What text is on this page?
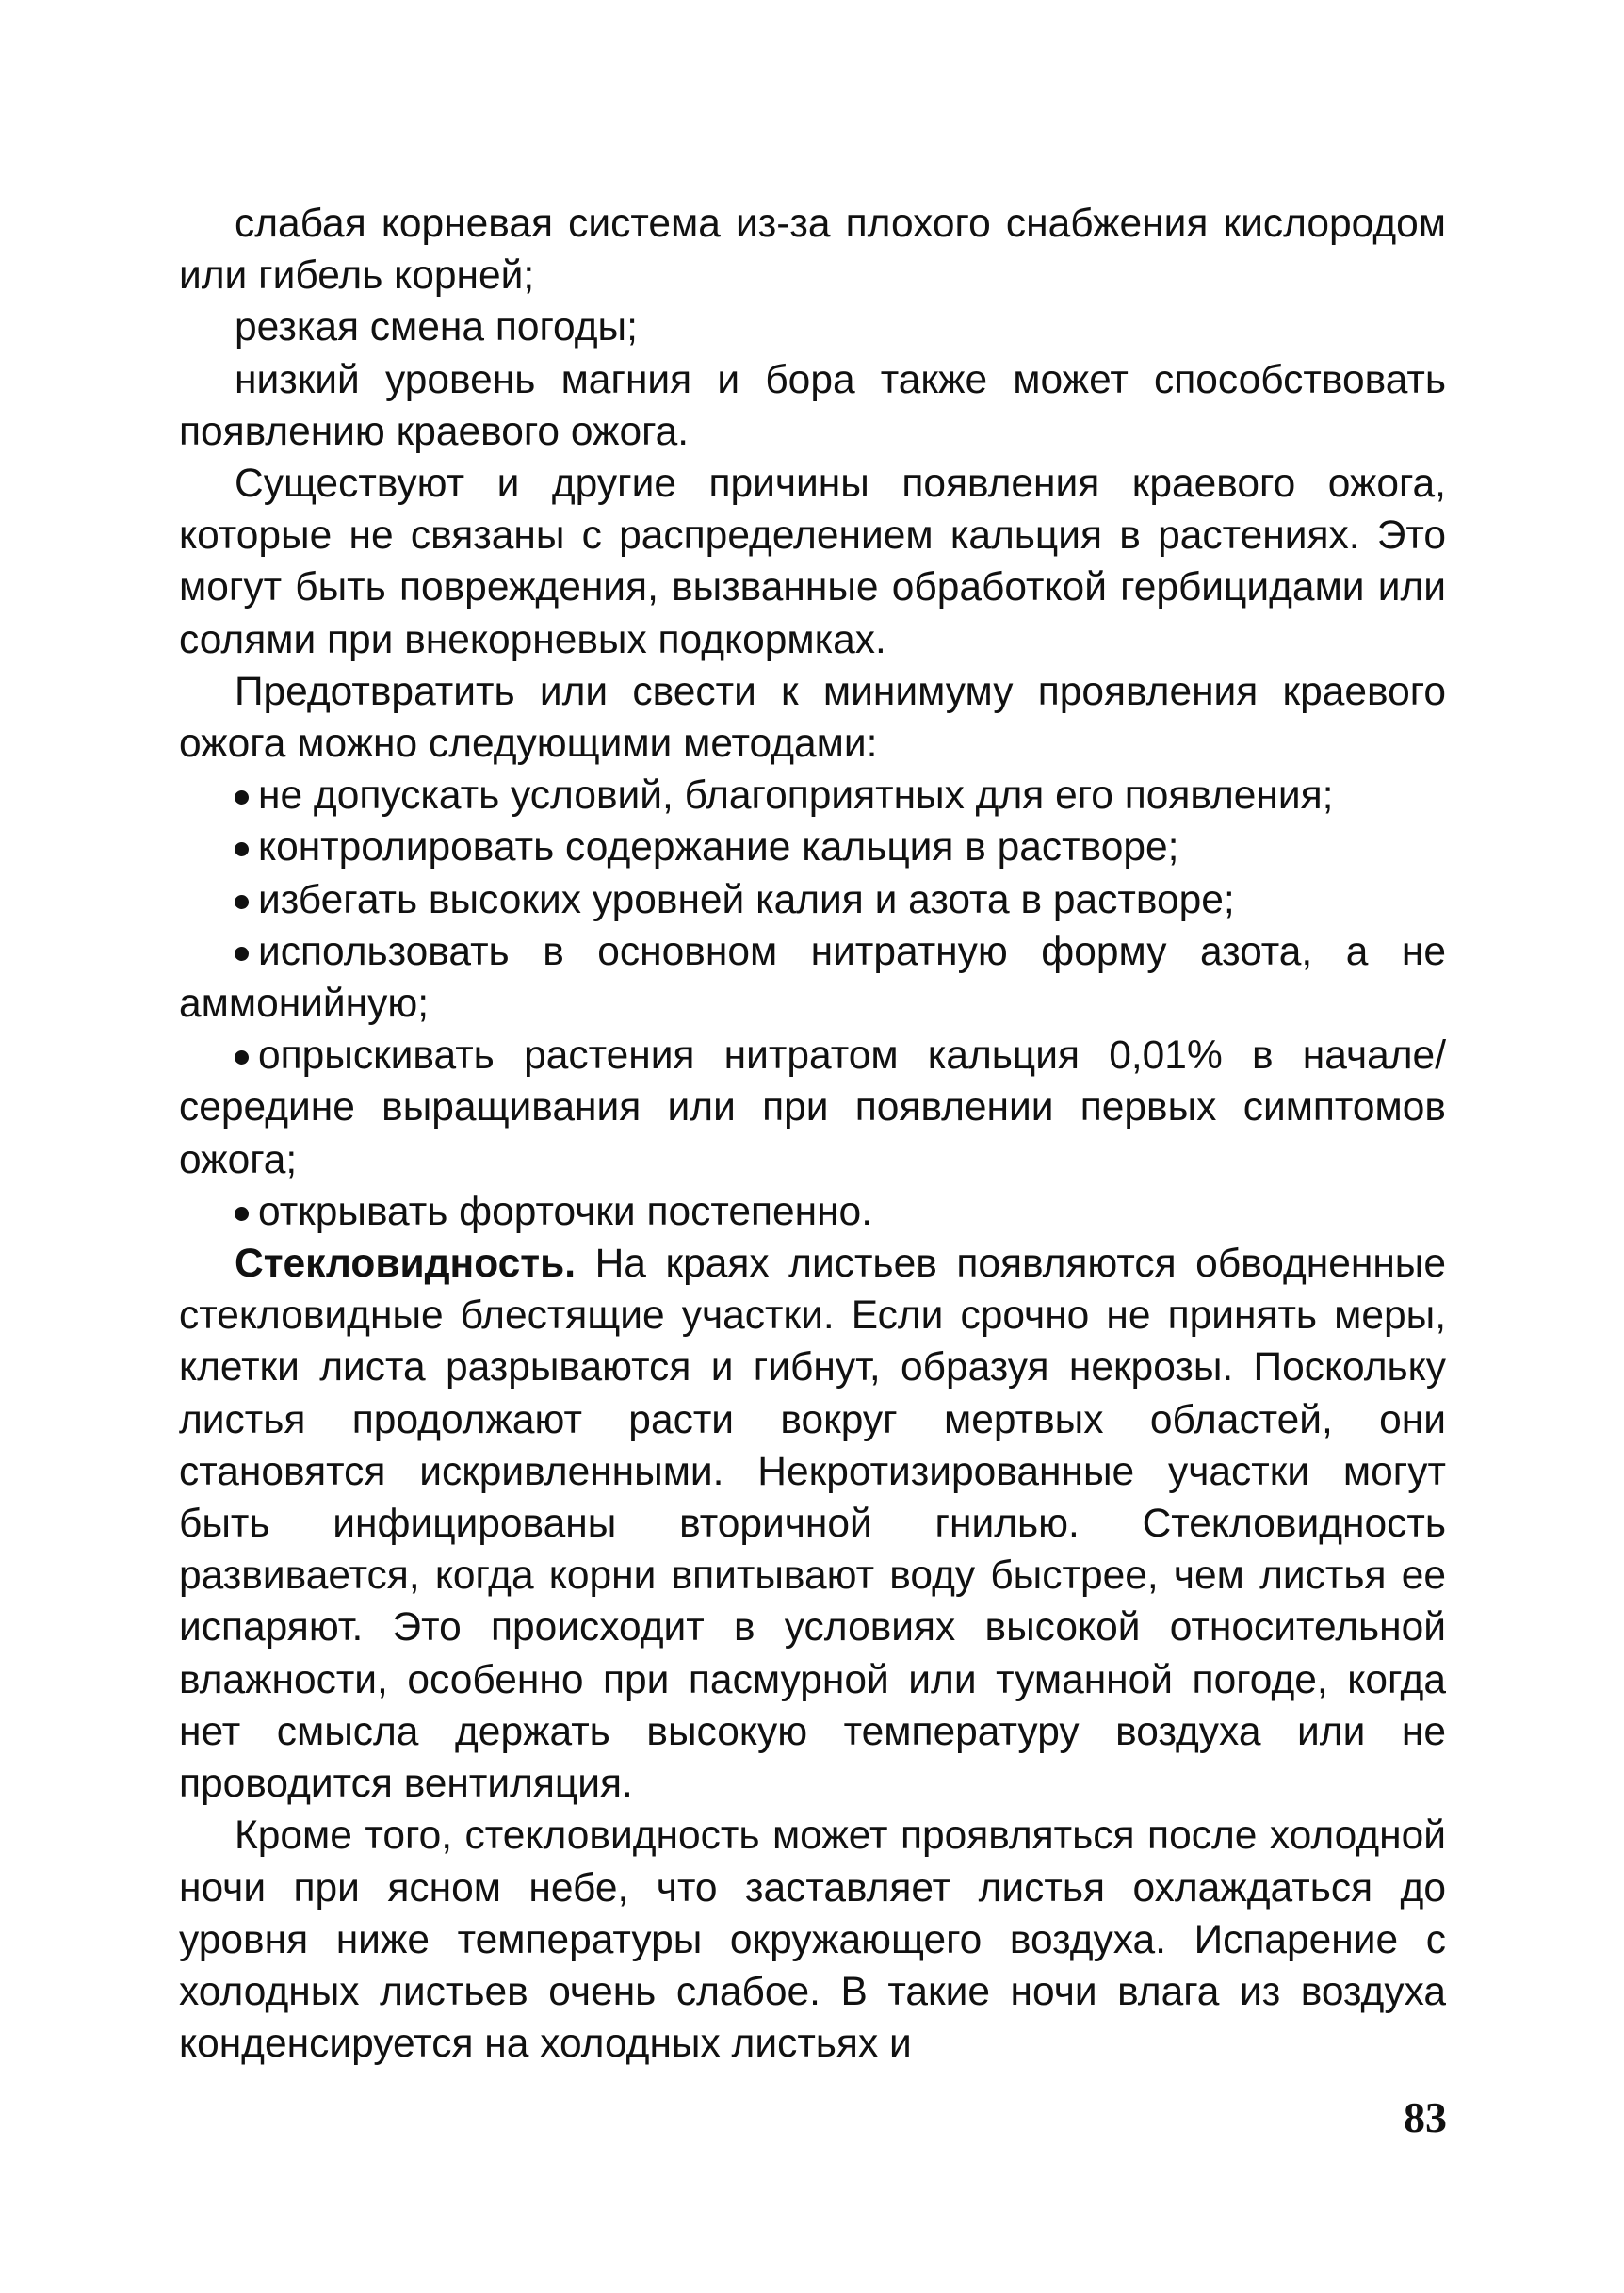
слабая корневая система из-за плохого снабжения кислородом или гибель корней;

резкая смена погоды;

низкий уровень магния и бора также может способствовать появлению краевого ожога.

Существуют и другие причины появления краевого ожога, которые не связаны с распределением кальция в растениях. Это могут быть повреждения, вызванные обработкой гербицидами или солями при внекорневых подкормках.

Предотвратить или свести к минимуму проявления краевого ожога можно следующими методами:

не допускать условий, благоприятных для его появления;

контролировать содержание кальция в растворе;

избегать высоких уровней калия и азота в растворе;

использовать в основном нитратную форму азота, а не аммонийную;

опрыскивать растения нитратом кальция 0,01% в начале/середине выращивания или при появлении первых симптомов ожога;

открывать форточки постепенно.

Стекловидность. На краях листьев появляются обводненные стекловидные блестящие участки. Если срочно не принять меры, клетки листа разрываются и гибнут, образуя некрозы. Поскольку листья продолжают расти вокруг мертвых областей, они становятся искривленными. Некротизированные участки могут быть инфицированы вторичной гнилью. Стекловидность развивается, когда корни впитывают воду быстрее, чем листья ее испаряют. Это происходит в условиях высокой относительной влажности, особенно при пасмурной или туманной погоде, когда нет смысла держать высокую температуру воздуха или не проводится вентиляция.

Кроме того, стекловидность может проявляться после холодной ночи при ясном небе, что заставляет листья охлаждаться до уровня ниже температуры окружающего воздуха. Испарение с холодных листьев очень слабое. В такие ночи влага из воздуха конденсируется на холодных листьях и

83
